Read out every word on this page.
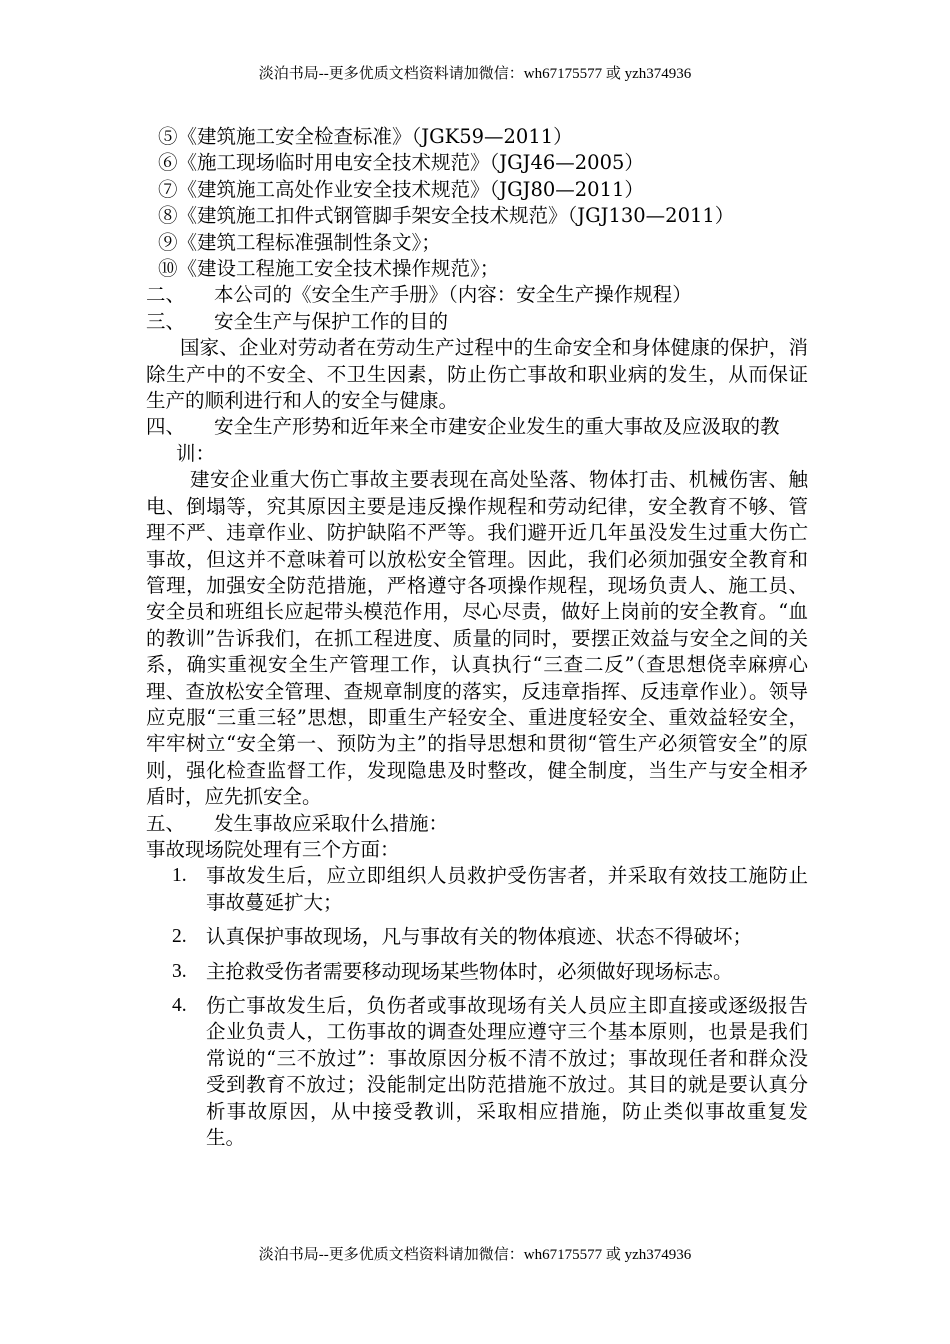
淡泊书局--更多优质文档资料请加微信：wh67175577 或 yzh374936

⑤《建筑施工安全检查标准》（JGK59—2011）

⑥《施工现场临时用电安全技术规范》（JGJ46—2005）

⑦《建筑施工高处作业安全技术规范》（JGJ80—2011）

⑧《建筑施工扣件式钢管脚手架安全技术规范》（JGJ130—2011）

⑨《建筑工程标准强制性条文》；

⑩《建设工程施工安全技术操作规范》；

二、 本公司的《安全生产手册》（内容：安全生产操作规程）

三、 安全生产与保护工作的目的

国家、企业对劳动者在劳动生产过程中的生命安全和身体健康的保护，消除生产中的不安全、不卫生因素，防止伤亡事故和职业病的发生，从而保证生产的顺利进行和人的安全与健康。

四、 安全生产形势和近年来全市建安企业发生的重大事故及应汲取的教训：

建安企业重大伤亡事故主要表现在高处坠落、物体打击、机械伤害、触电、倒塌等，究其原因主要是违反操作规程和劳动纪律，安全教育不够、管理不严、违章作业、防护缺陷不严等。我们避开近几年虽没发生过重大伤亡事故，但这并不意味着可以放松安全管理。因此，我们必须加强安全教育和管理，加强安全防范措施，严格遵守各项操作规程，现场负责人、施工员、安全员和班组长应起带头模范作用，尽心尽责，做好上岗前的安全教育。“血的教训”告诉我们，在抓工程进度、质量的同时，要摆正效益与安全之间的关系，确实重视安全生产管理工作，认真执行“三查二反”（查思想侥幸麻痹心理、查放松安全管理、查规章制度的落实，反违章指挥、反违章作业）。领导应克服“三重三轻”思想，即重生产轻安全、重进度轻安全、重效益轻安全，牢牢树立“安全第一、预防为主”的指导思想和贯彻“管生产必须管安全”的原则，强化检查监督工作，发现隐患及时整改，健全制度，当生产与安全相矛盾时，应先抓安全。

五、 发生事故应采取什么措施：

事故现场院处理有三个方面：

1. 事故发生后，应立即组织人员救护受伤害者，并采取有效技工施防止事故蔓延扩大；
2. 认真保护事故现场，凡与事故有关的物体痕迹、状态不得破坏；
3. 主抢救受伤者需要移动现场某些物体时，必须做好现场标志。
4. 伤亡事故发生后，负伤者或事故现场有关人员应主即直接或逐级报告企业负责人，工伤事故的调查处理应遵守三个基本原则，也景是我们常说的“三不放过”：事故原因分板不清不放过；事故现任者和群众没受到教育不放过；没能制定出防范措施不放过。其目的就是要认真分析事故原因，从中接受教训，采取相应措施，防止类似事故重复发生。
淡泊书局--更多优质文档资料请加微信：wh67175577 或 yzh374936
